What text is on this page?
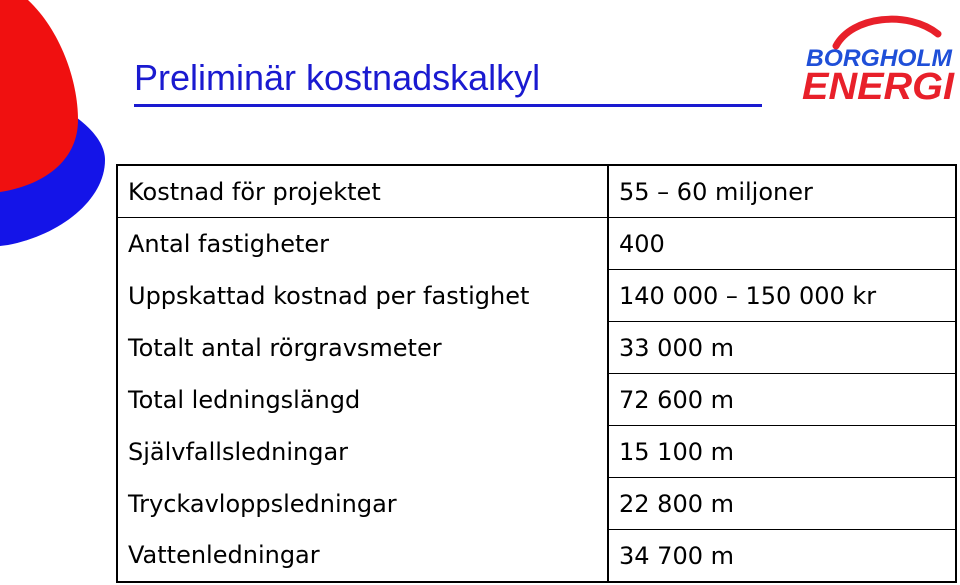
Preliminär kostnadskalkyl	BORGHOLM
ENERGI
Kostnad för projektet	55 – 60 miljoner
Antal fastigheter	400
Uppskattad kostnad per fastighet	140 000 – 150 000 kr
Totalt antal rörgravsmeter	33 000 m
Total ledningslängd	72 600 m
Självfallsledningar	15 100 m
Tryckavloppsledningar	22 800 m
Vattenledningar	34 700 m
